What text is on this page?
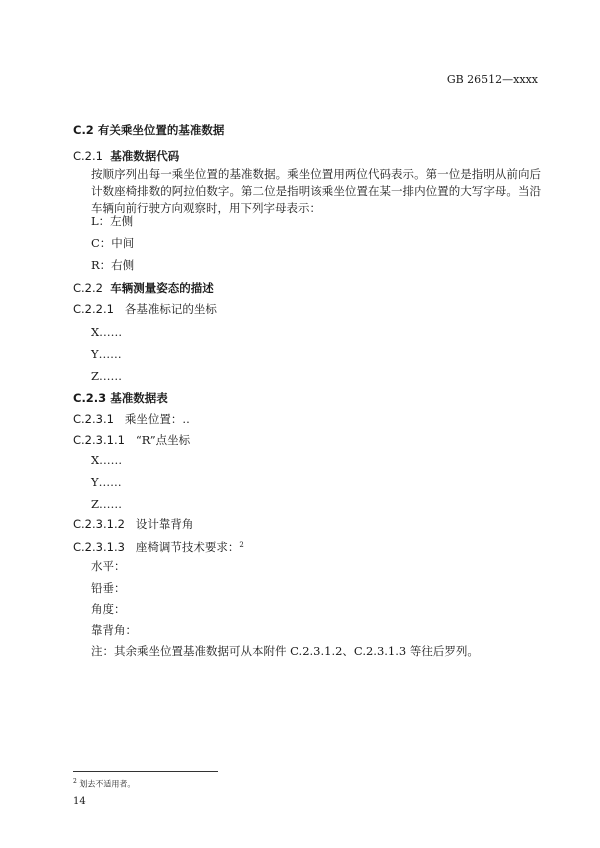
GB 26512—xxxx
C.2 有关乘坐位置的基准数据
C.2.1 基准数据代码
按顺序列出每一乘坐位置的基准数据。乘坐位置用两位代码表示。第一位是指明从前向后计数座椅排数的阿拉伯数字。第二位是指明该乘坐位置在某一排内位置的大写字母。当沿车辆向前行驶方向观察时，用下列字母表示：
L：左侧
C：中间
R：右侧
C.2.2 车辆测量姿态的描述
C.2.2.1 各基准标记的坐标
X……
Y……
Z……
C.2.3 基准数据表
C.2.3.1 乘坐位置：..
C.2.3.1.1 “R”点坐标
X……
Y……
Z……
C.2.3.1.2 设计靠背角
C.2.3.1.3 座椅调节技术要求：$^2$
水平：
铅垂：
角度：
靠背角：
注：其余乘坐位置基准数据可从本附件 C.2.3.1.2、C.2.3.1.3 等往后罗列。
$^2$ 划去不适用者。
14
